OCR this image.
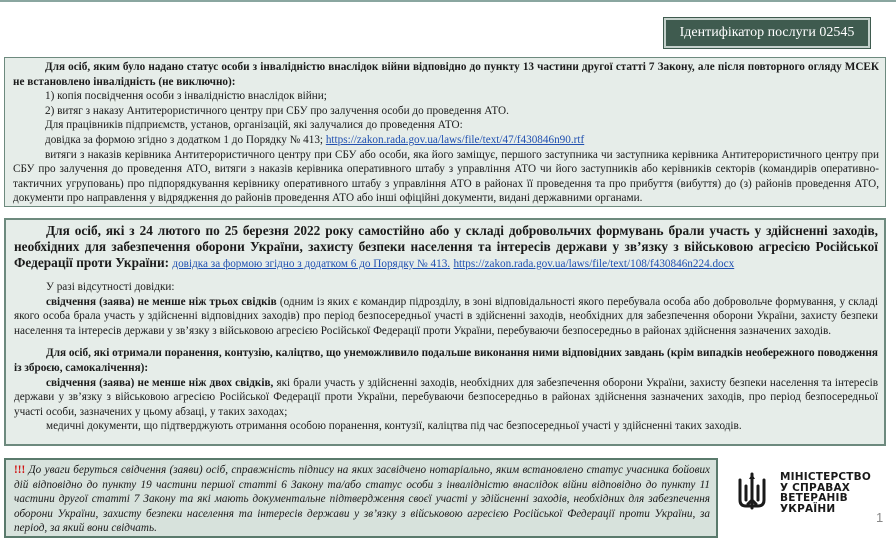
Ідентифікатор послуги 02545

Для осіб, яким було надано статус особи з інвалідністю внаслідок війни відповідно до пункту 13 частини другої статті 7 Закону, але після повторного огляду МСЕК не встановлено інвалідність (не виключно):

1) копія посвідчення особи з інвалідністю внаслідок війни;

2) витяг з наказу Антитерористичного центру при СБУ про залучення особи до проведення АТО.

Для працівників підприємств, установ, організацій, які залучалися до проведення АТО:

довідка за формою згідно з додатком 1 до Порядку № 413; https://zakon.rada.gov.ua/laws/file/text/47/f430846n90.rtf

витяги з наказів керівника Антитерористичного центру при СБУ або особи, яка його заміщує, першого заступника чи заступника керівника Антитерористичного центру при СБУ про залучення до проведення АТО, витяги з наказів керівника оперативного штабу з управління АТО чи його заступників або керівників секторів (командирів оперативно-тактичних угруповань) про підпорядкування керівнику оперативного штабу з управління АТО в районах її проведення та про прибуття (вибуття) до (з) районів проведення АТО, документи про направлення у відрядження до районів проведення АТО або інші офіційні документи, видані державними органами.

Для осіб, які з 24 лютого по 25 березня 2022 року самостійно або у складі добровольчих формувань брали участь у здійсненні заходів, необхідних для забезпечення оборони України, захисту безпеки населення та інтересів держави у зв’язку з військовою агресією Російської Федерації проти України: довідка за формою згідно з додатком 6 до Порядку № 413. https://zakon.rada.gov.ua/laws/file/text/108/f430846n224.docx

У разі відсутності довідки:

свідчення (заява) не менше ніж трьох свідків (одним із яких є командир підрозділу, в зоні відповідальності якого перебувала особа або добровольче формування, у складі якого особа брала участь у здійсненні відповідних заходів) про період безпосередньої участі в здійсненні заходів, необхідних для забезпечення оборони України, захисту безпеки населення та інтересів держави у зв’язку з військовою агресією Російської Федерації проти України, перебуваючи безпосередньо в районах здійснення зазначених заходів.

Для осіб, які отримали поранення, контузію, каліцтво, що унеможливило подальше виконання ними відповідних завдань (крім випадків необережного поводження із зброєю, самокалічення):

свідчення (заява) не менше ніж двох свідків, які брали участь у здійсненні заходів, необхідних для забезпечення оборони України, захисту безпеки населення та інтересів держави у зв’язку з військовою агресією Російської Федерації проти України, перебуваючи безпосередньо в районах здійснення зазначених заходів, про період безпосередньої участі особи, зазначених у цьому абзаці, у таких заходах;

медичні документи, що підтверджують отримання особою поранення, контузії, каліцтва під час безпосередньої участі у здійсненні таких заходів.

!!! До уваги беруться свідчення (заяви) осіб, справжність підпису на яких засвідчено нотаріально, яким встановлено статус учасника бойових дій відповідно до пункту 19 частини першої статті 6 Закону та/або статус особи з інвалідністю внаслідок війни відповідно до пункту 11 частини другої статті 7 Закону та які мають документальне підтвердження своєї участі у здійсненні заходів, необхідних для забезпечення оборони України, захисту безпеки населення та інтересів держави у зв’язку з військовою агресією Російської Федерації проти України, за період, за який вони свідчать.
МІНІСТЕРСТВО
У СПРАВАХ
ВЕТЕРАНІВ
УКРАЇНИ
1
